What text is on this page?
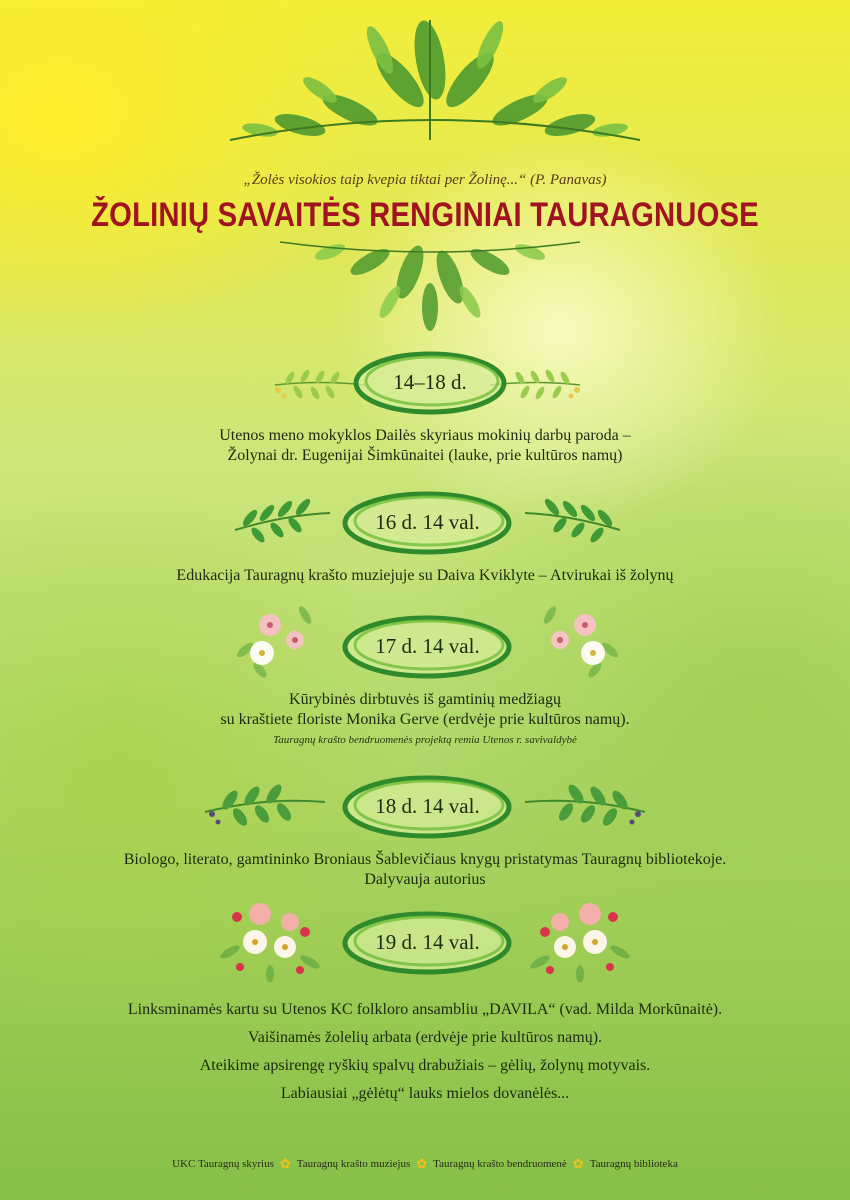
„Žolės visokios taip kvepia tiktai per Žolinę...“ (P. Panavas)
ŽOLINIŲ SAVAITĖS RENGINIAI TAURAGNUOSE
14–18 d.
Utenos meno mokyklos Dailės skyriaus mokinių darbų paroda –
Žolynai dr. Eugenijai Šimkūnaitei (lauke, prie kultūros namų)
16 d. 14 val.
Edukacija Tauragnų krašto muziejuje su Daiva Kviklyte – Atvirukai iš žolynų
17 d. 14 val.
Kūrybinės dirbtuvės iš gamtinių medžiagų
su kraštiete floriste Monika Gerve (erdvėje prie kultūros namų).
Tauragnų krašto bendruomenės projektą remia Utenos r. savivaldybė
18 d. 14 val.
Biologo, literato, gamtininko Broniaus Šablevičiaus knygų pristatymas Tauragnų bibliotekoje.
Dalyvauja autorius
19 d. 14 val.
Linksminamės kartu su Utenos KC folkloro ansambliu „DAVILA“ (vad. Milda Morkūnaitė).
Vaišinamės žolelių arbata (erdvėje prie kultūros namų).
Ateikime apsirengę ryškių spalvų drabužiais – gėlių, žolynų motyvais.
Labiausiai „gėlėtų“ lauks mielos dovanėlės...
UKC Tauragnų skyrius ✿ Tauragnų krašto muziejus ✿ Tauragnų krašto bendruomenė ✿ Tauragnų biblioteka
